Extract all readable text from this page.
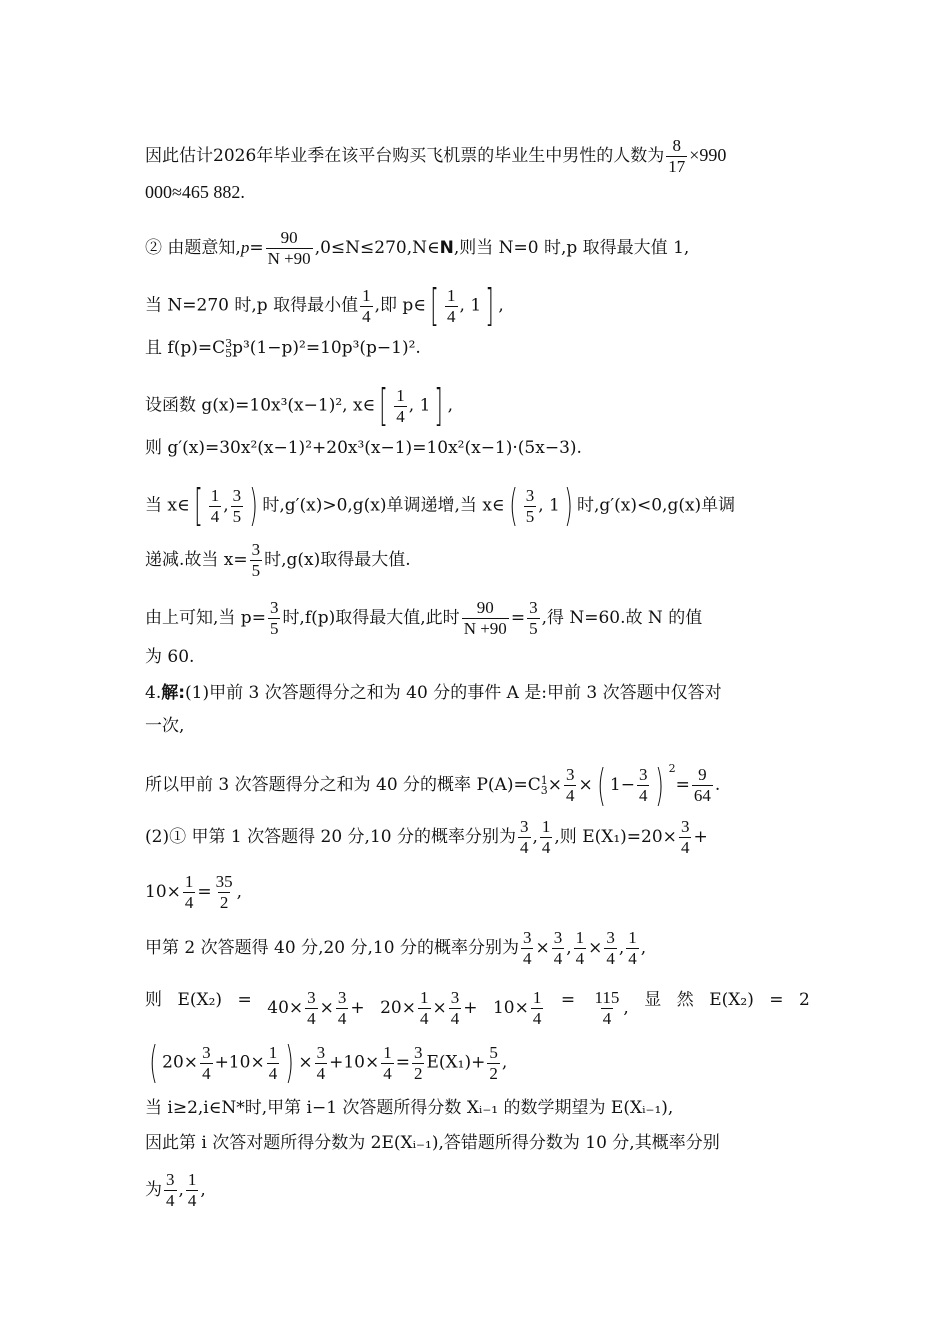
因此估计2026年毕业季在该平台购买飞机票的毕业生中男性的人数为 $\frac{8}{17} \times 990$
000≈465 882.
② 由题意知$,p= \frac{90}{N +90}$ ,0≤N≤270,N∈N,则当 N=0 时,p 取得最大值 1,
当 N=270 时,p 取得最小值 $\frac{1}{4}$ ,即 p∈[ $\frac{1}{4}$ , 1] ,
且 f(p)=C 3
5 p³(1−p)²=10p³(p−1)².
设函数 g(x)=10x³(x−1)², x∈[ $\frac{1}{4}$ , 1] ,
则 g′(x)=30x²(x−1)²+20x³(x−1)=10x²(x−1)·(5x−3).
当 x∈[ $\frac{1}{4}$ , $\frac{3}{5}$ ) 时,g′(x)>0,g(x)单调递增,当 x∈( $\frac{3}{5}$ , 1) 时,g′(x)<0,g(x)单调
递减.故当 $x= \frac{3}{5}$ 时,g(x)取得最大值.
由上可知,当 $p= \frac{3}{5}$ 时,f(p)取得最大值,此时 $\frac{90}{N +90} = \frac{3}{5}$ ,得 N=60.故 N 的值
为 60.
4.解:(1)甲前 3 次答题得分之和为 40 分的事件 A 是:甲前 3 次答题中仅答对
一次,
所以甲前 3 次答题得分之和为 40 分的概率 P(A)=C 1
$3 \times \frac{3}{4}$ ×( $1- \frac{3}{4}$ ) $^2= \frac{9}{64}$ .
(2)① 甲第 1 次答题得 20 分,10 分的概率分别为 $\frac{3}{4}$ , $\frac{1}{4}$ ,则 $E(X_1)=20\times \frac{3}{4}$ +
$10\times \frac{1}{4} = \frac{35}{2}$ ,
甲第 2 次答题得 40 分,20 分,10 分的概率分别为 $\frac{3}{4} \times \frac{3}{4}$ , $\frac{1}{4} \times \frac{3}{4}$ , $\frac{1}{4}$ ,
则 $E(X_2) = 40\times \frac{3}{4} \times \frac{3}{4} + 20\times \frac{1}{4} \times \frac{3}{4} + 10\times \frac{1}{4} = \frac{115}{4}$ , 显 然 E(X₂) = 2
( $20\times \frac{3}{4} +10\times \frac{1}{4}$ ) × $\frac{3}{4} +10\times \frac{1}{4} = \frac{3}{2} E(X_1)+ \frac{5}{2}$ ,
当 i≥2,i∈N*时,甲第 i−1 次答题所得分数 Xᵢ₋₁ 的数学期望为 E(Xᵢ₋₁),
因此第 i 次答对题所得分数为 2E(Xᵢ₋₁),答错题所得分数为 10 分,其概率分别
为 $\frac{3}{4}$ , $\frac{1}{4}$ ,
